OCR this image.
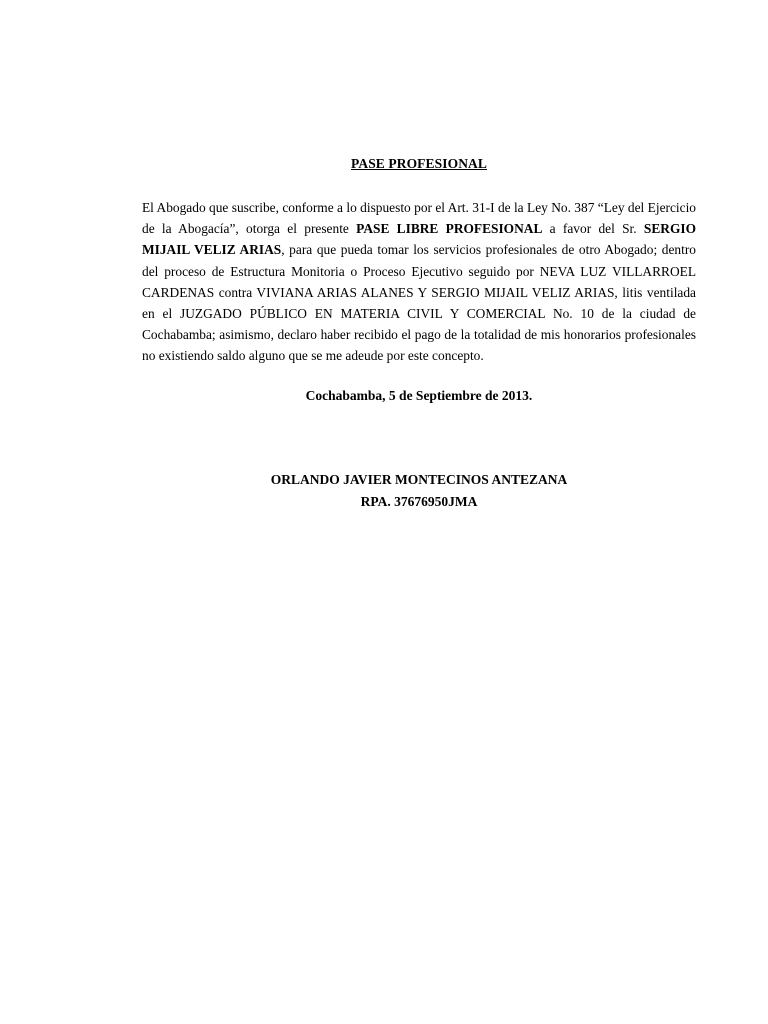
PASE PROFESIONAL
El Abogado que suscribe, conforme a lo dispuesto por el Art. 31-I de la Ley No. 387 “Ley del Ejercicio de la Abogacía”, otorga el presente PASE LIBRE PROFESIONAL a favor del Sr. SERGIO MIJAIL VELIZ ARIAS, para que pueda tomar los servicios profesionales de otro Abogado; dentro del proceso de Estructura Monitoria o Proceso Ejecutivo seguido por NEVA LUZ VILLARROEL CARDENAS contra VIVIANA ARIAS ALANES Y SERGIO MIJAIL VELIZ ARIAS, litis ventilada en el JUZGADO PÚBLICO EN MATERIA CIVIL Y COMERCIAL No. 10 de la ciudad de Cochabamba; asimismo, declaro haber recibido el pago de la totalidad de mis honorarios profesionales no existiendo saldo alguno que se me adeude por este concepto.
Cochabamba, 5 de Septiembre de 2013.
ORLANDO JAVIER MONTECINOS ANTEZANA
RPA. 37676950JMA
